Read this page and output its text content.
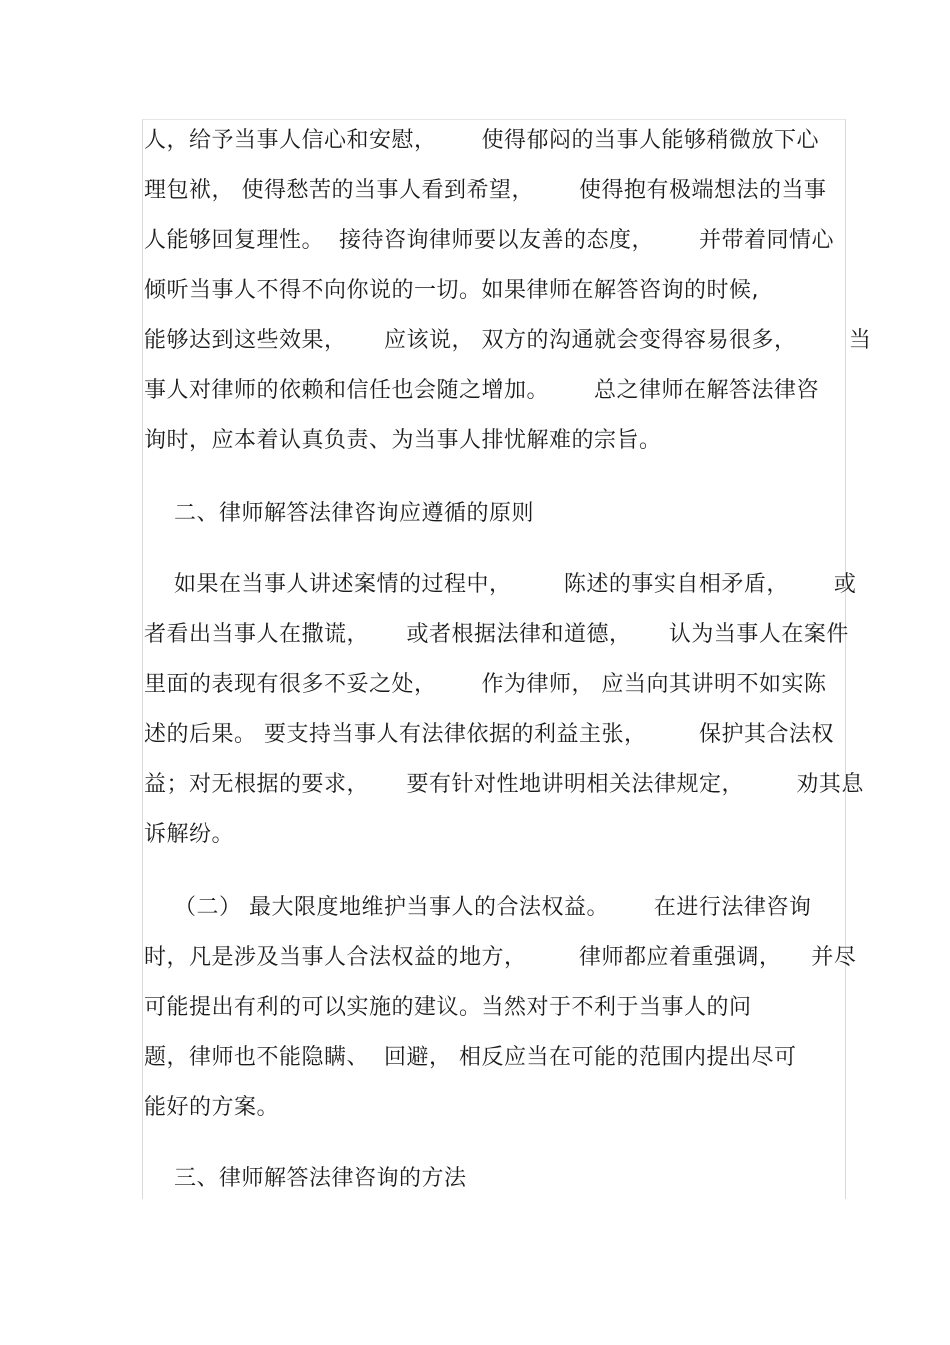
人，给予当事人信心和安慰，      使得郁闷的当事人能够稍微放下心
理包袱， 使得愁苦的当事人看到希望，      使得抱有极端想法的当事
人能够回复理性。  接待咨询律师要以友善的态度，      并带着同情心
倾听当事人不得不向你说的一切。如果律师在解答咨询的时候,
能够达到这些效果，     应该说， 双方的沟通就会变得容易很多，       当
事人对律师的依赖和信任也会随之增加。      总之律师在解答法律咨
询时，应本着认真负责、为当事人排忧解难的宗旨。
二、律师解答法律咨询应遵循的原则
如果在当事人讲述案情的过程中，       陈述的事实自相矛盾，      或
者看出当事人在撒谎，     或者根据法律和道德，     认为当事人在案件
里面的表现有很多不妥之处，      作为律师， 应当向其讲明不如实陈
述的后果。 要支持当事人有法律依据的利益主张，       保护其合法权
益；对无根据的要求，     要有针对性地讲明相关法律规定，       劝其息
诉解纷。
（二） 最大限度地维护当事人的合法权益。      在进行法律咨询
时，凡是涉及当事人合法权益的地方，       律师都应着重强调，    并尽
可能提出有利的可以实施的建议。当然对于不利于当事人的问
题，律师也不能隐瞒、  回避， 相反应当在可能的范围内提出尽可
能好的方案。
三、律师解答法律咨询的方法
